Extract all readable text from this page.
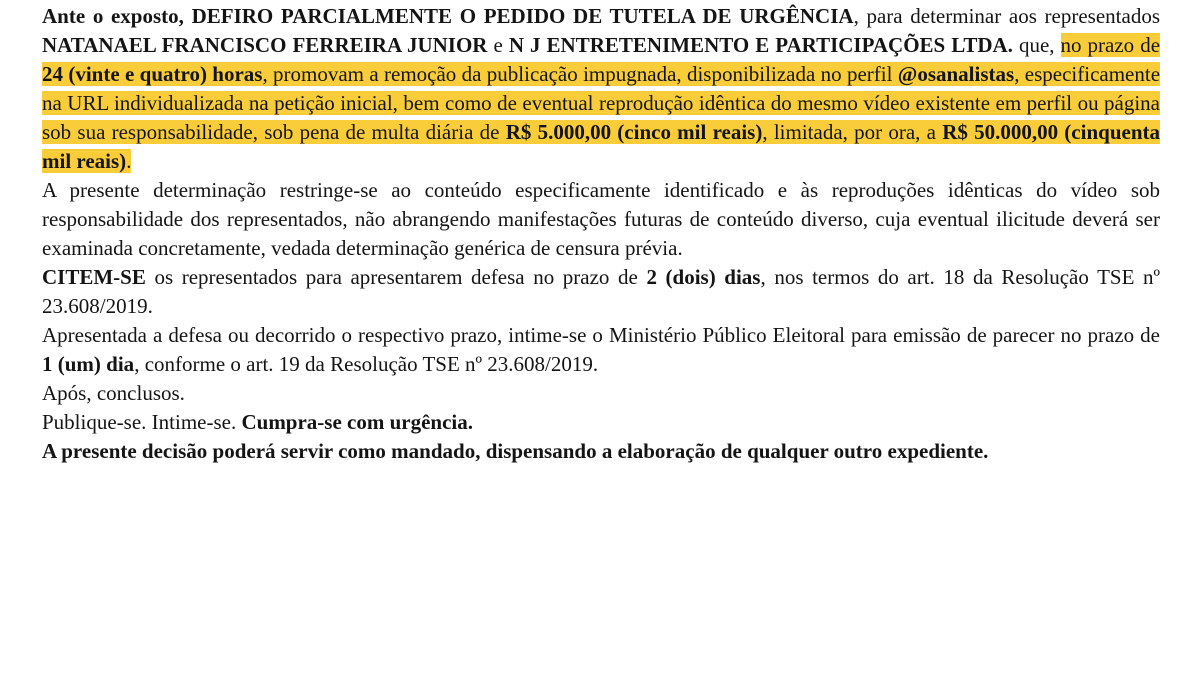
Ante o exposto, DEFIRO PARCIALMENTE O PEDIDO DE TUTELA DE URGÊNCIA, para determinar aos representados NATANAEL FRANCISCO FERREIRA JUNIOR e N J ENTRETENIMENTO E PARTICIPAÇÕES LTDA. que, no prazo de 24 (vinte e quatro) horas, promovam a remoção da publicação impugnada, disponibilizada no perfil @osanalistas, especificamente na URL individualizada na petição inicial, bem como de eventual reprodução idêntica do mesmo vídeo existente em perfil ou página sob sua responsabilidade, sob pena de multa diária de R$ 5.000,00 (cinco mil reais), limitada, por ora, a R$ 50.000,00 (cinquenta mil reais).

A presente determinação restringe-se ao conteúdo especificamente identificado e às reproduções idênticas do vídeo sob responsabilidade dos representados, não abrangendo manifestações futuras de conteúdo diverso, cuja eventual ilicitude deverá ser examinada concretamente, vedada determinação genérica de censura prévia.

CITEM-SE os representados para apresentarem defesa no prazo de 2 (dois) dias, nos termos do art. 18 da Resolução TSE nº 23.608/2019.

Apresentada a defesa ou decorrido o respectivo prazo, intime-se o Ministério Público Eleitoral para emissão de parecer no prazo de 1 (um) dia, conforme o art. 19 da Resolução TSE nº 23.608/2019.

Após, conclusos.

Publique-se. Intime-se. Cumpra-se com urgência.

A presente decisão poderá servir como mandado, dispensando a elaboração de qualquer outro expediente.
